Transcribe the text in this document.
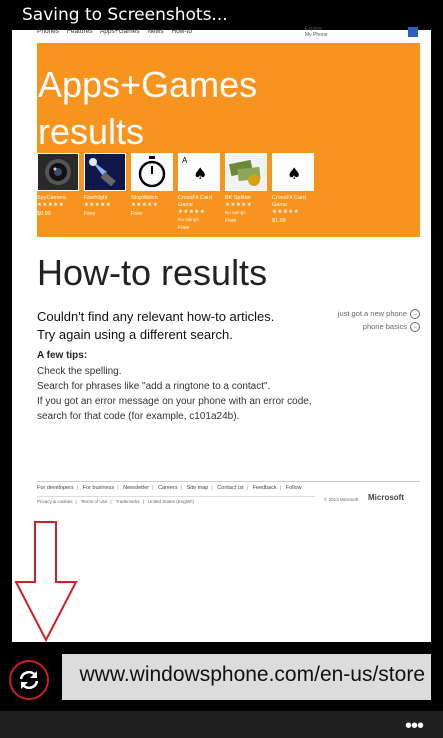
Saving to Screenshots...
Phones Features Apps+Games News How-to	Explore
My Phone
Apps+Games
results
SpyCamera
★★★★★
$0.99
Flashlight
★★★★★
Free
StopWatch
★★★★★
Free
A
♠
CrossFit Card Game
★★★★★
No ratings
Free
BK Splitter
★★★★★
No ratings
Free
♠
CrossFit Card Game
★★★★★
$1.99
How-to results
Couldn't find any relevant how-to articles.
Try again using a different search.
just got a new phone →
phone basics →
A few tips:
Check the spelling.
Search for phrases like "add a ringtone to a contact".
If you got an error message on your phone with an error code, search for that code (for example, c101a24b).
For developers | For business | Newsletter | Careers | Site map | Contact us | Feedback | Follow
Privacy & cookies | Terms of Use | Trademarks | United States (English)	© 2013 Microsoft Microsoft
www.windowsphone.com/en-us/store
•••
